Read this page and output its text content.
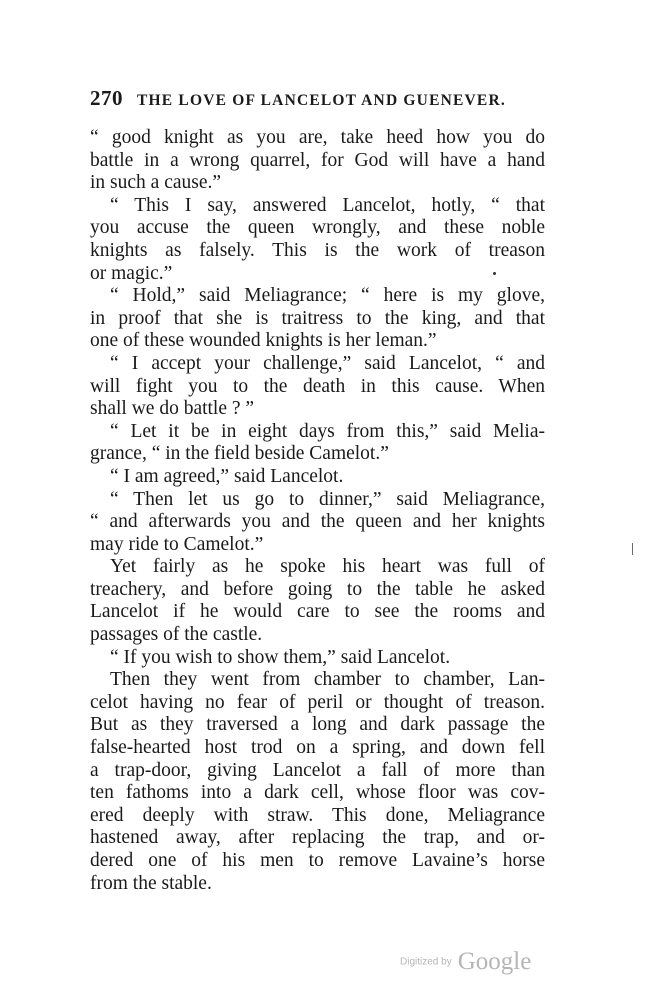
270 THE LOVE OF LANCELOT AND GUENEVER.
“ good knight as you are, take heed how you do
battle in a wrong quarrel, for God will have a hand
in such a cause.”
“ This I say, answered Lancelot, hotly, “ that
you accuse the queen wrongly, and these noble
knights as falsely. This is the work of treason
or magic.”
“ Hold,” said Meliagrance; “ here is my glove,
in proof that she is traitress to the king, and that
one of these wounded knights is her leman.”
“ I accept your challenge,” said Lancelot, “ and
will fight you to the death in this cause. When
shall we do battle ? ”
“ Let it be in eight days from this,” said Melia-
grance, “ in the field beside Camelot.”
“ I am agreed,” said Lancelot.
“ Then let us go to dinner,” said Meliagrance,
“ and afterwards you and the queen and her knights
may ride to Camelot.”
Yet fairly as he spoke his heart was full of
treachery, and before going to the table he asked
Lancelot if he would care to see the rooms and
passages of the castle.
“ If you wish to show them,” said Lancelot.
Then they went from chamber to chamber, Lan-
celot having no fear of peril or thought of treason.
But as they traversed a long and dark passage the
false-hearted host trod on a spring, and down fell
a trap-door, giving Lancelot a fall of more than
ten fathoms into a dark cell, whose floor was cov-
ered deeply with straw. This done, Meliagrance
hastened away, after replacing the trap, and or-
dered one of his men to remove Lavaine’s horse
from the stable.
Digitized by Google
